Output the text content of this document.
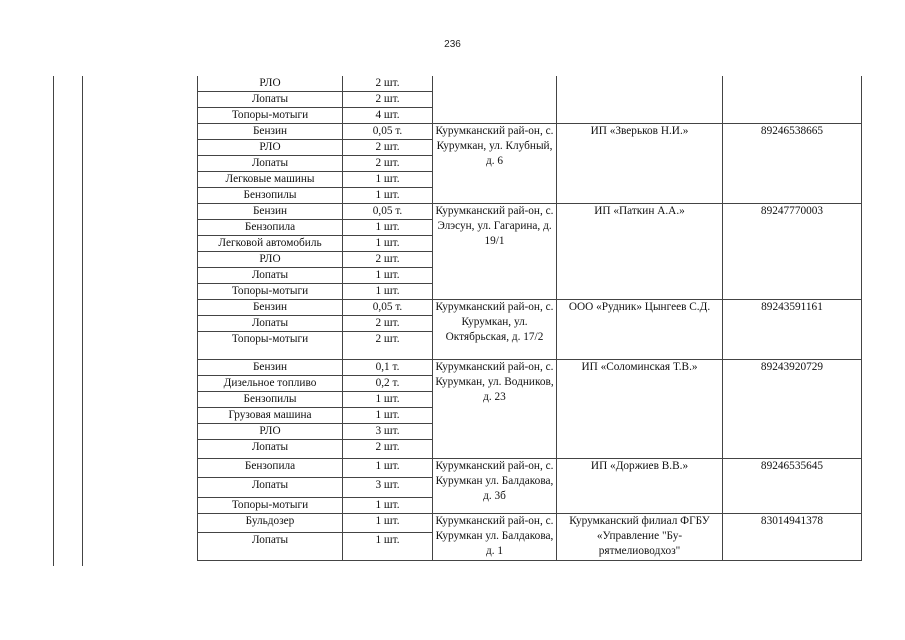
236
РЛО	2 шт.			
Лопаты	2 шт.			
Топоры-мотыги	4 шт.			
Бензин	0,05 т.	Курумканский рай-он, с. Курумкан, ул. Клубный, д. 6	ИП «Зверьков Н.И.»	89246538665
РЛО	2 шт.			
Лопаты	2 шт.			
Легковые машины	1 шт.			
Бензопилы	1 шт.			
Бензин	0,05 т.	Курумканский рай-он, с. Элэсун, ул. Гагарина, д. 19/1	ИП «Паткин А.А.»	89247770003
Бензопила	1 шт.			
Легковой автомобиль	1 шт.			
РЛО	2 шт.			
Лопаты	1 шт.			
Топоры-мотыги	1 шт.			
Бензин	0,05 т.	Курумканский рай-он, с. Курумкан, ул. Октябрьская, д. 17/2	ООО «Рудник» Цынгеев С.Д.	89243591161
Лопаты	2 шт.			
Топоры-мотыги	2 шт.			
Бензин	0,1 т.	Курумканский рай-он, с. Курумкан, ул. Водников, д. 23	ИП «Соломинская Т.В.»	89243920729
Дизельное топливо	0,2 т.			
Бензопилы	1 шт.			
Грузовая машина	1 шт.			
РЛО	3 шт.			
Лопаты	2 шт.			
Бензопила	1 шт.	Курумканский рай-он, с. Курумкан ул. Балдакова, д. 3б	ИП «Доржиев В.В.»	89246535645
Лопаты	3 шт.			
Топоры-мотыги	1 шт.			
Бульдозер	1 шт.	Курумканский рай-он, с. Курумкан ул. Балдакова, д. 1	Курумканский филиал ФГБУ «Управление "Бу-рятмелиоводхоз"	83014941378
Лопаты	1 шт.			
